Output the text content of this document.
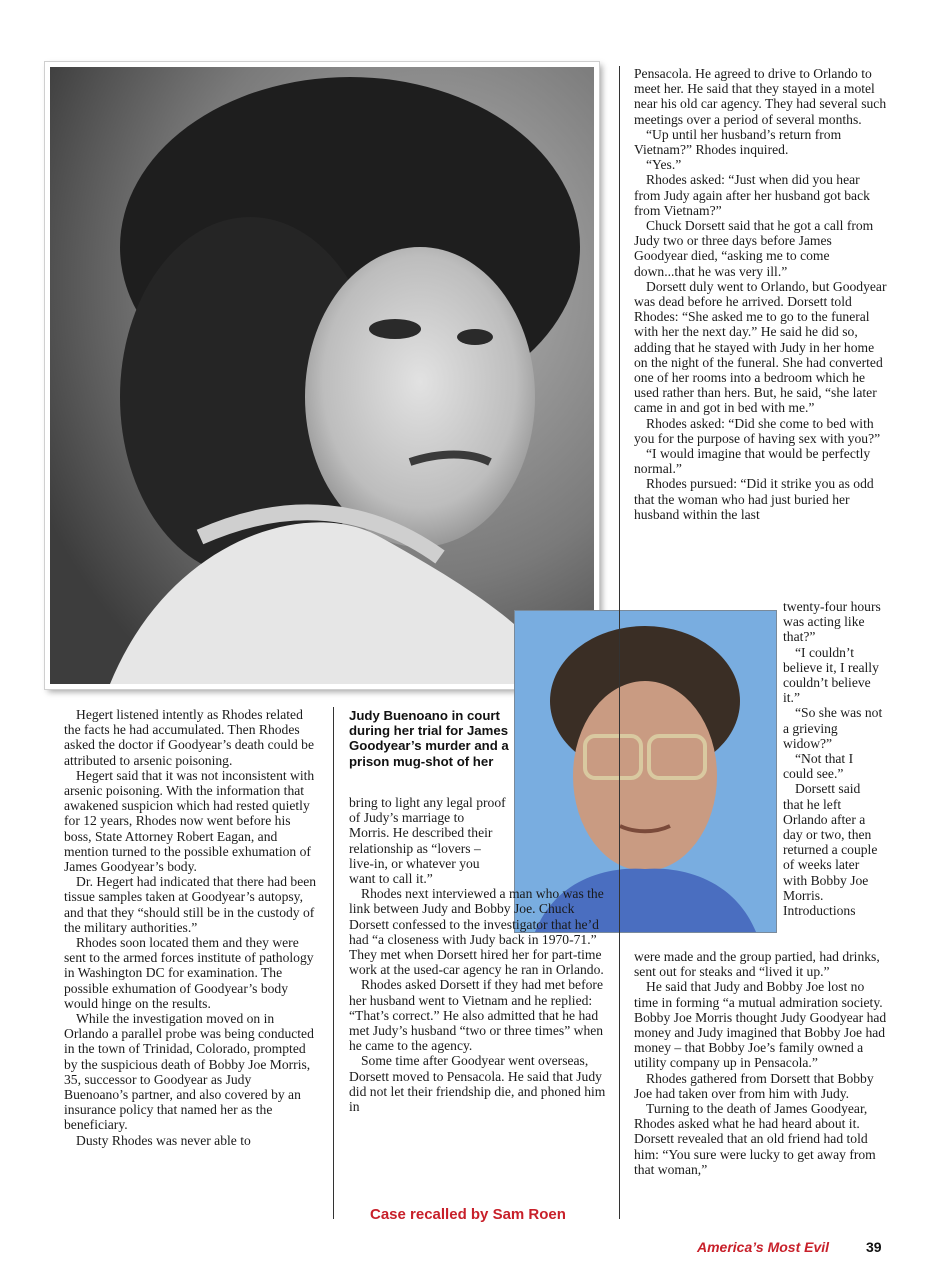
Hegert listened intently as Rhodes related the facts he had accumulated. Then Rhodes asked the doctor if Goodyear’s death could be attributed to arsenic poisoning.

Hegert said that it was not inconsistent with arsenic poisoning. With the information that awakened suspicion which had rested quietly for 12 years, Rhodes now went before his boss, State Attorney Robert Eagan, and mention turned to the possible exhumation of James Goodyear’s body.

Dr. Hegert had indicated that there had been tissue samples taken at Goodyear’s autopsy, and that they “should still be in the custody of the military authorities.”

Rhodes soon located them and they were sent to the armed forces institute of pathology in Washington DC for examination. The possible exhumation of Goodyear’s body would hinge on the results.

While the investigation moved on in Orlando a parallel probe was being conducted in the town of Trinidad, Colorado, prompted by the suspicious death of Bobby Joe Morris, 35, successor to Goodyear as Judy Buenoano’s partner, and also covered by an insurance policy that named her as the beneficiary.

Dusty Rhodes was never able to

Judy Buenoano in court during her trial for James Goodyear’s murder and a prison mug-shot of her

bring to light any legal proof of Judy’s marriage to Morris. He described their relationship as “lovers – live-in, or whatever you want to call it.”

Rhodes next interviewed a man who was the link between Judy and Bobby Joe. Chuck Dorsett confessed to the investigator that he’d had “a closeness with Judy back in 1970-71.” They met when Dorsett hired her for part-time work at the used-car agency he ran in Orlando.

Rhodes asked Dorsett if they had met before her husband went to Vietnam and he replied: “That’s correct.” He also admitted that he had met Judy’s husband “two or three times” when he came to the agency.

Some time after Goodyear went overseas, Dorsett moved to Pensacola. He said that Judy did not let their friendship die, and phoned him in

Case recalled by Sam Roen

Pensacola. He agreed to drive to Orlando to meet her. He said that they stayed in a motel near his old car agency. They had several such meetings over a period of several months.

“Up until her husband’s return from Vietnam?” Rhodes inquired.

“Yes.”

Rhodes asked: “Just when did you hear from Judy again after her husband got back from Vietnam?”

Chuck Dorsett said that he got a call from Judy two or three days before James Goodyear died, “asking me to come down...that he was very ill.”

Dorsett duly went to Orlando, but Goodyear was dead before he arrived. Dorsett told Rhodes: “She asked me to go to the funeral with her the next day.” He said he did so, adding that he stayed with Judy in her home on the night of the funeral. She had converted one of her rooms into a bedroom which he used rather than hers. But, he said, “she later came in and got in bed with me.”

Rhodes asked: “Did she come to bed with you for the purpose of having sex with you?”

“I would imagine that would be perfectly normal.”

Rhodes pursued: “Did it strike you as odd that the woman who had just buried her husband within the last

twenty-four hours was acting like that?”

“I couldn’t believe it, I really couldn’t believe it.”

“So she was not a grieving widow?”

“Not that I could see.”

Dorsett said that he left Orlando after a day or two, then returned a couple of weeks later with Bobby Joe Morris. Introductions

were made and the group partied, had drinks, sent out for steaks and “lived it up.”

He said that Judy and Bobby Joe lost no time in forming “a mutual admiration society. Bobby Joe Morris thought Judy Goodyear had money and Judy imagined that Bobby Joe had money – that Bobby Joe’s family owned a utility company up in Pensacola.”

Rhodes gathered from Dorsett that Bobby Joe had taken over from him with Judy.

Turning to the death of James Goodyear, Rhodes asked what he had heard about it. Dorsett revealed that an old friend had told him: “You sure were lucky to get away from that woman,”

America’s Most Evil	39
